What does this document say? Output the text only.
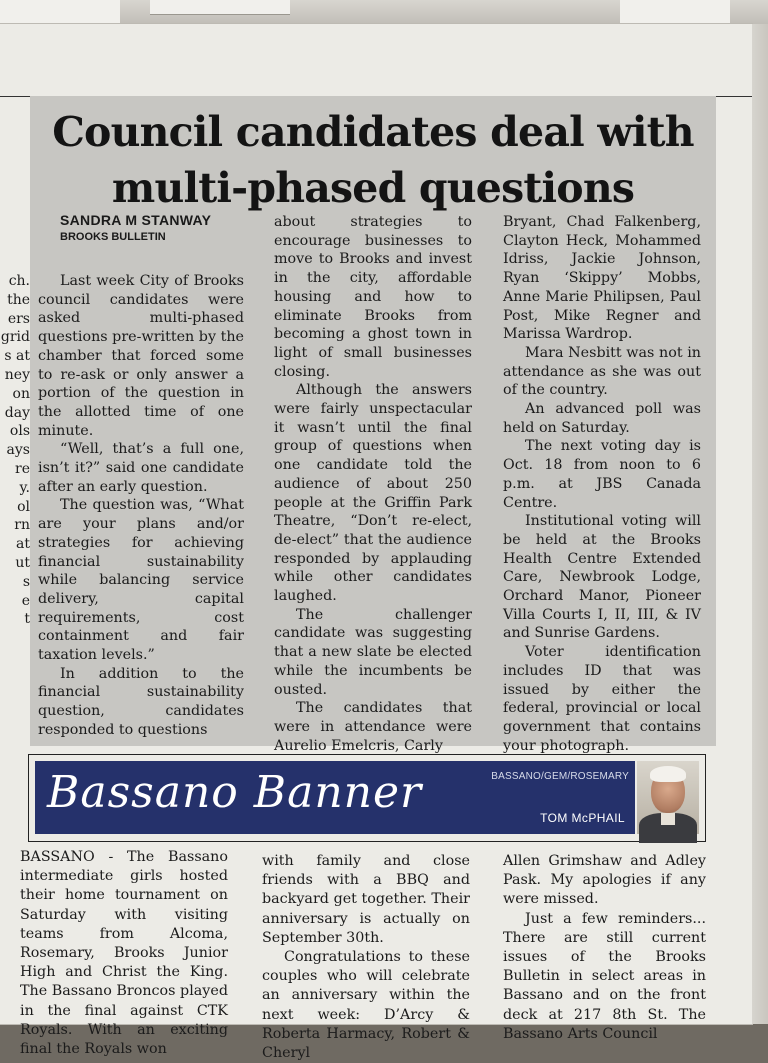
ch.
the
ers
grid
s at
ney
on
day
ols
ays
re
y.
ol
rn
at
ut
s
e
t
Council candidates deal with
multi-phased questions
SANDRA M STANWAY
BROOKS BULLETIN

Last week City of Brooks council candidates were asked multi-phased questions pre-written by the chamber that forced some to re-ask or only answer a portion of the question in the allotted time of one minute.

“Well, that’s a full one, isn’t it?” said one candidate after an early question.

The question was, “What are your plans and/or strategies for achieving financial sustainability while balancing service delivery, capital requirements, cost containment and fair taxation levels.”

In addition to the financial sustainability question, candidates responded to questions

about strategies to encourage businesses to move to Brooks and invest in the city, affordable housing and how to eliminate Brooks from becoming a ghost town in light of small businesses closing.

Although the answers were fairly unspectacular it wasn’t until the final group of questions when one candidate told the audience of about 250 people at the Griffin Park Theatre, “Don’t re-elect, de-elect” that the audience responded by applauding while other candidates laughed.

The challenger candidate was suggesting that a new slate be elected while the incumbents be ousted.

The candidates that were in attendance were Aurelio Emelcris, Carly

Bryant, Chad Falkenberg, Clayton Heck, Mohammed Idriss, Jackie Johnson, Ryan ‘Skippy’ Mobbs, Anne Marie Philipsen, Paul Post, Mike Regner and Marissa Wardrop.

Mara Nesbitt was not in attendance as she was out of the country.

An advanced poll was held on Saturday.

The next voting day is Oct. 18 from noon to 6 p.m. at JBS Canada Centre.

Institutional voting will be held at the Brooks Health Centre Extended Care, Newbrook Lodge, Orchard Manor, Pioneer Villa Courts I, II, III, & IV and Sunrise Gardens.

Voter identification includes ID that was issued by either the federal, provincial or local government that contains your photograph.

Bassano Banner	BASSANO/GEM/ROSEMARY
TOM McPHAIL

BASSANO - The Bassano intermediate girls hosted their home tournament on Saturday with visiting teams from Alcoma, Rosemary, Brooks Junior High and Christ the King. The Bassano Broncos played in the final against CTK Royals. With an exciting final the Royals won

with family and close friends with a BBQ and backyard get together. Their anniversary is actually on September 30th.

Congratulations to these couples who will celebrate an anniversary within the next week: D’Arcy & Roberta Harmacy, Robert & Cheryl

Allen Grimshaw and Adley Pask. My apologies if any were missed.

Just a few reminders... There are still current issues of the Brooks Bulletin in select areas in Bassano and on the front deck at 217 8th St. The Bassano Arts Council
